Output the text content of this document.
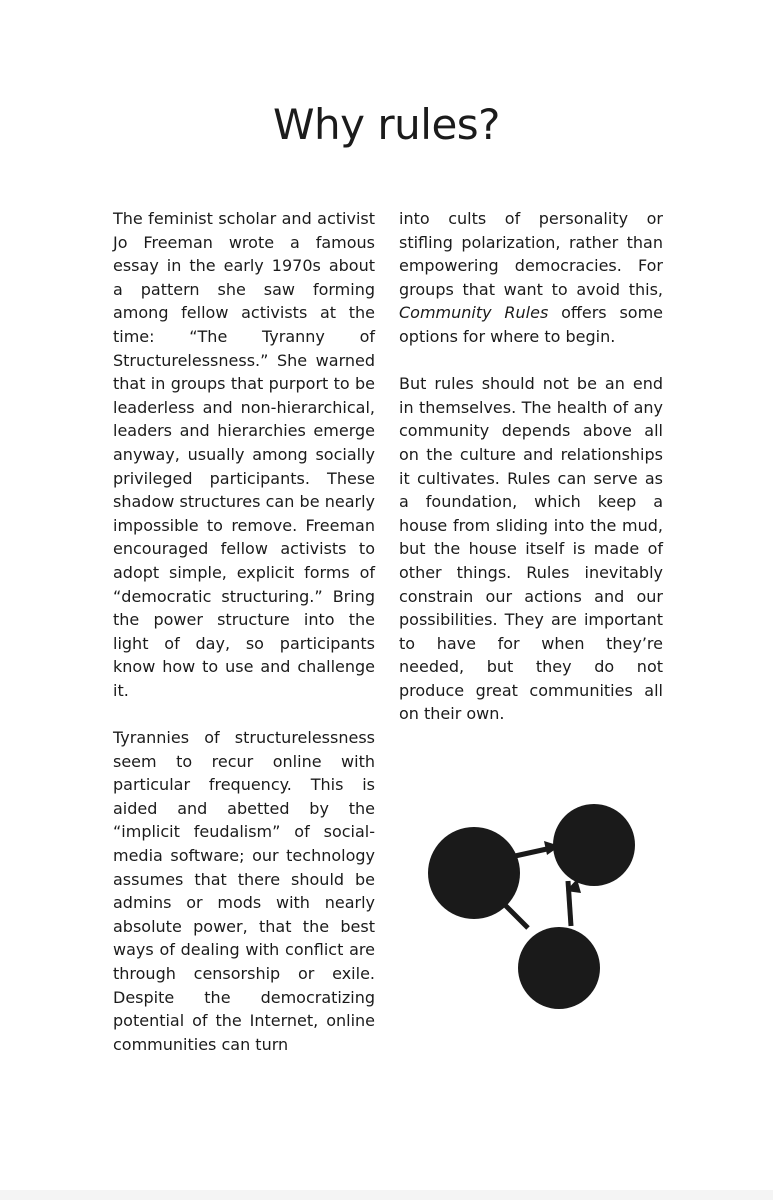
Why rules?

The feminist scholar and activist Jo Freeman wrote a famous essay in the early 1970s about a pattern she saw forming among fellow activists at the time: “The Tyranny of Structurelessness.” She warned that in groups that purport to be leaderless and non-hierarchical, leaders and hierarchies emerge anyway, usually among socially privileged participants. These shadow structures can be nearly impossible to remove. Freeman encouraged fellow activists to adopt simple, explicit forms of “democratic structuring.” Bring the power structure into the light of day, so participants know how to use and challenge it.

Tyrannies of structurelessness seem to recur online with particular frequency. This is aided and abetted by the “implicit feudalism” of social-media software; our technology assumes that there should be admins or mods with nearly absolute power, that the best ways of dealing with conflict are through censorship or exile. Despite the democratizing potential of the Internet, online communities can turn

into cults of personality or stifling polarization, rather than empowering democracies. For groups that want to avoid this, Community Rules offers some options for where to begin.

But rules should not be an end in themselves. The health of any community depends above all on the culture and relationships it cultivates. Rules can serve as a foundation, which keep a house from sliding into the mud, but the house itself is made of other things. Rules inevitably constrain our actions and our possibilities. They are important to have for when they’re needed, but they do not produce great communities all on their own.
